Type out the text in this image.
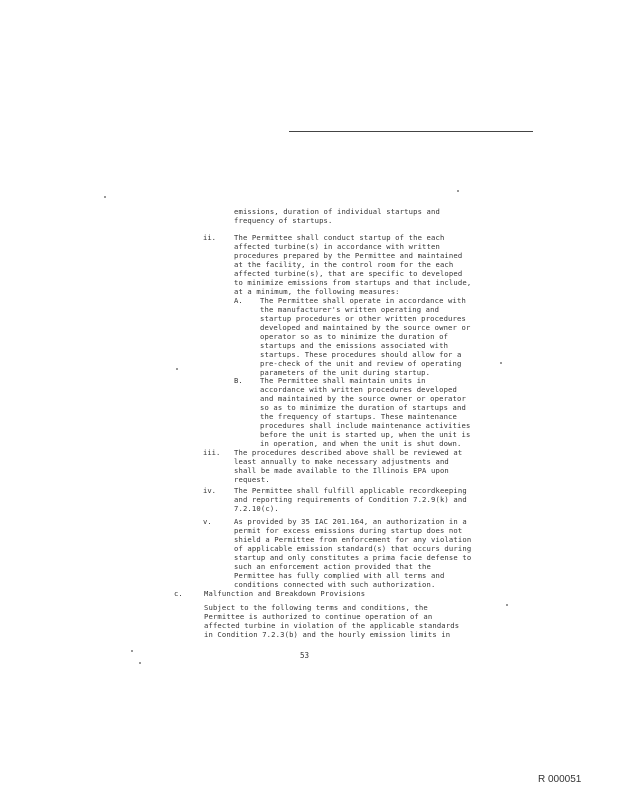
emissions, duration of individual startups and
frequency of startups.
ii.	The Permittee shall conduct startup of the each
affected turbine(s) in accordance with written
procedures prepared by the Permittee and maintained
at the facility, in the control room for the each
affected turbine(s), that are specific to developed
to minimize emissions from startups and that include,
at a minimum, the following measures:
A. The Permittee shall operate in accordance with
the manufacturer's written operating and
startup procedures or other written procedures
developed and maintained by the source owner or
operator so as to minimize the duration of
startups and the emissions associated with
startups. These procedures should allow for a
pre-check of the unit and review of operating
parameters of the unit during startup.
B. The Permittee shall maintain units in
accordance with written procedures developed
and maintained by the source owner or operator
so as to minimize the duration of startups and
the frequency of startups. These maintenance
procedures shall include maintenance activities
before the unit is started up, when the unit is
in operation, and when the unit is shut down.
iii. The procedures described above shall be reviewed at
least annually to make necessary adjustments and
shall be made available to the Illinois EPA upon
request.
iv.	The Permittee shall fulfill applicable recordkeeping
and reporting requirements of Condition 7.2.9(k) and
7.2.10(c).
v.	As provided by 35 IAC 201.164, an authorization in a
permit for excess emissions during startup does not
shield a Permittee from enforcement for any violation
of applicable emission standard(s) that occurs during
startup and only constitutes a prima facie defense to
such an enforcement action provided that the
Permittee has fully complied with all terms and
conditions connected with such authorization.
c.	Malfunction and Breakdown Provisions
Subject to the following terms and conditions, the
Permittee is authorized to continue operation of an
affected turbine in violation of the applicable standards
in Condition 7.2.3(b) and the hourly emission limits in
53
R 000051
